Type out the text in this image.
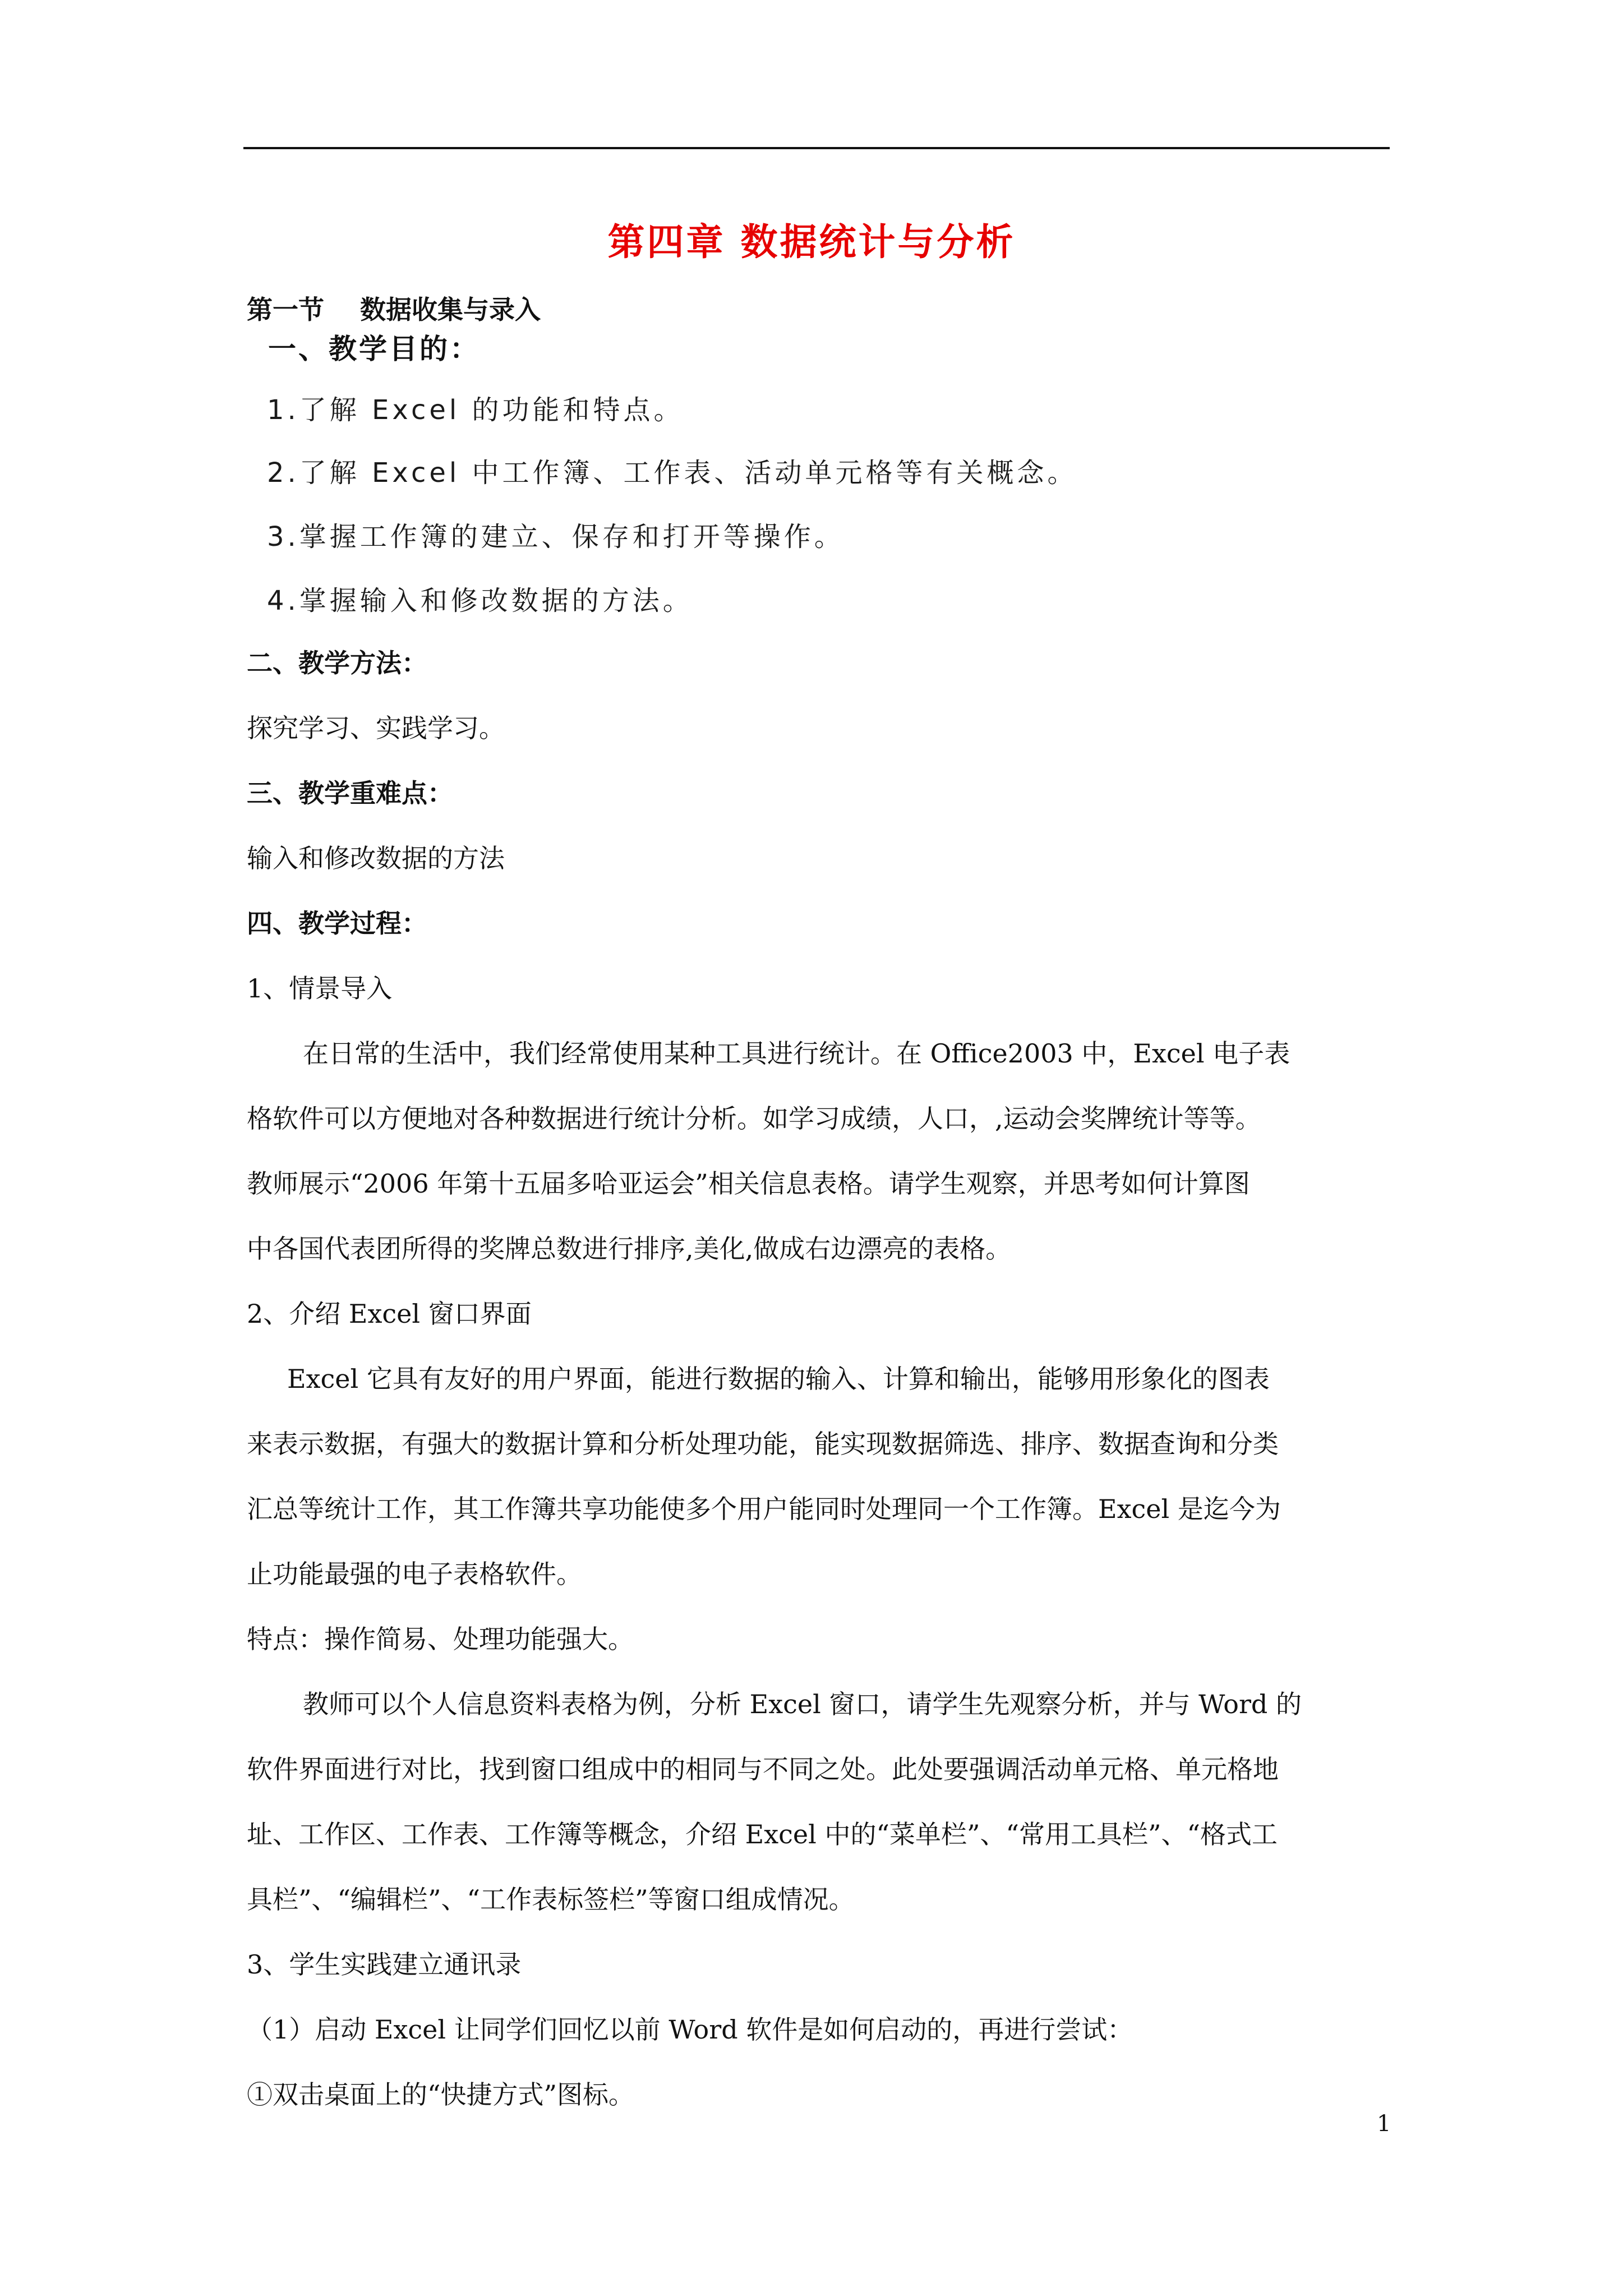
第四章 数据统计与分析
第一节    数据收集与录入
一、教学目的：
1.了解 Excel 的功能和特点。
2.了解 Excel 中工作簿、工作表、活动单元格等有关概念。
3.掌握工作簿的建立、保存和打开等操作。
4.掌握输入和修改数据的方法。
二、教学方法：
探究学习、实践学习。
三、教学重难点：
输入和修改数据的方法
四、教学过程：
1、情景导入
在日常的生活中，我们经常使用某种工具进行统计。在 Office2003 中，Excel 电子表
格软件可以方便地对各种数据进行统计分析。如学习成绩，人口，,运动会奖牌统计等等。
教师展示“2006 年第十五届多哈亚运会”相关信息表格。请学生观察，并思考如何计算图
中各国代表团所得的奖牌总数进行排序,美化,做成右边漂亮的表格。
2、介绍 Excel 窗口界面
Excel 它具有友好的用户界面，能进行数据的输入、计算和输出，能够用形象化的图表
来表示数据，有强大的数据计算和分析处理功能，能实现数据筛选、排序、数据查询和分类
汇总等统计工作，其工作簿共享功能使多个用户能同时处理同一个工作簿。Excel 是迄今为
止功能最强的电子表格软件。
特点：操作简易、处理功能强大。
教师可以个人信息资料表格为例，分析 Excel 窗口，请学生先观察分析，并与 Word 的
软件界面进行对比，找到窗口组成中的相同与不同之处。此处要强调活动单元格、单元格地
址、工作区、工作表、工作簿等概念，介绍 Excel 中的“菜单栏”、“常用工具栏”、“格式工
具栏”、“编辑栏”、“工作表标签栏”等窗口组成情况。
3、学生实践建立通讯录
（1）启动 Excel 让同学们回忆以前 Word 软件是如何启动的，再进行尝试：
①双击桌面上的“快捷方式”图标。
1
